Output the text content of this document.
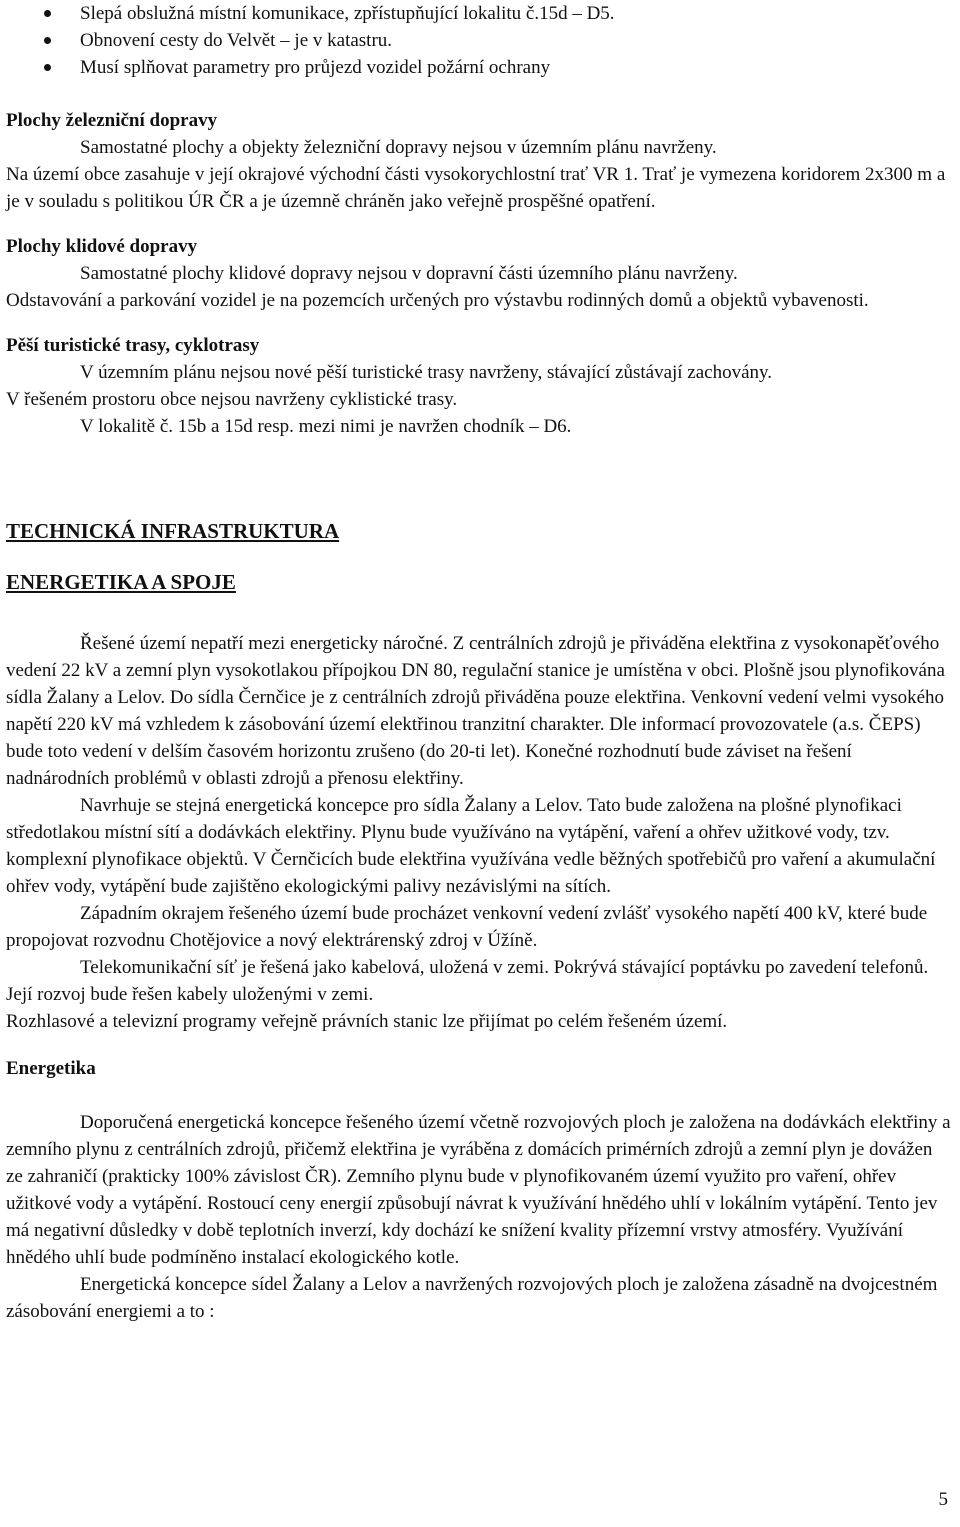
Slepá obslužná místní komunikace, zpřístupňující lokalitu č.15d – D5.
Obnovení cesty do Velvět – je v katastru.
Musí splňovat parametry pro průjezd vozidel požární ochrany

Plochy železniční dopravy

Samostatné plochy a objekty železniční dopravy nejsou v územním plánu navrženy.

Na území obce zasahuje v její okrajové východní části vysokorychlostní trať VR 1. Trať je vymezena koridorem 2x300 m a je v souladu s politikou ÚR ČR a je územně chráněn jako veřejně prospěšné opatření.

Plochy klidové dopravy

Samostatné plochy klidové dopravy nejsou v dopravní části územního plánu navrženy.

Odstavování a parkování vozidel je na pozemcích určených pro výstavbu rodinných domů a objektů vybavenosti.

Pěší turistické trasy, cyklotrasy

V územním plánu nejsou nové pěší turistické trasy navrženy, stávající zůstávají zachovány.

V řešeném prostoru obce nejsou navrženy cyklistické trasy.

V lokalitě č. 15b a 15d resp. mezi nimi je navržen chodník – D6.

TECHNICKÁ INFRASTRUKTURA

ENERGETIKA A SPOJE

Řešené území nepatří mezi energeticky náročné. Z centrálních zdrojů je přiváděna elektřina z vysokonapěťového vedení 22 kV a zemní plyn vysokotlakou přípojkou DN 80, regulační stanice je umístěna v obci. Plošně jsou plynofikována sídla Žalany a Lelov. Do sídla Černčice je z centrálních zdrojů přiváděna pouze elektřina. Venkovní vedení velmi vysokého napětí 220 kV má vzhledem k zásobování území elektřinou tranzitní charakter. Dle informací provozovatele (a.s. ČEPS) bude toto vedení v delším časovém horizontu zrušeno (do 20-ti let). Konečné rozhodnutí bude záviset na řešení nadnárodních problémů v oblasti zdrojů a přenosu elektřiny.

Navrhuje se stejná energetická koncepce pro sídla Žalany a Lelov. Tato bude založena na plošné plynofikaci středotlakou místní sítí a dodávkách elektřiny. Plynu bude využíváno na vytápění, vaření a ohřev užitkové vody, tzv. komplexní plynofikace objektů. V Černčicích bude elektřina využívána vedle běžných spotřebičů pro vaření a akumulační ohřev vody, vytápění bude zajištěno ekologickými palivy nezávislými na sítích.

Západním okrajem řešeného území bude procházet venkovní vedení zvlášť vysokého napětí 400 kV, které bude propojovat rozvodnu Chotějovice a nový elektrárenský zdroj v Úžíně.

Telekomunikační síť je řešená jako kabelová, uložená v zemi. Pokrývá stávající poptávku po zavedení telefonů. Její rozvoj bude řešen kabely uloženými v zemi.

Rozhlasové a televizní programy veřejně právních stanic lze přijímat po celém řešeném území.

Energetika

Doporučená energetická koncepce řešeného území včetně rozvojových ploch je založena na dodávkách elektřiny a zemního plynu z centrálních zdrojů, přičemž elektřina je vyráběna z domácích primérních zdrojů a zemní plyn je dovážen ze zahraničí (prakticky 100% závislost ČR). Zemního plynu bude v plynofikovaném území využito pro vaření, ohřev užitkové vody a vytápění. Rostoucí ceny energií způsobují návrat k využívání hnědého uhlí v lokálním vytápění. Tento jev má negativní důsledky v době teplotních inverzí, kdy dochází ke snížení kvality přízemní vrstvy atmosféry. Využívání hnědého uhlí bude podmíněno instalací ekologického kotle.

Energetická koncepce sídel Žalany a Lelov a navržených rozvojových ploch je založena zásadně na dvojcestném zásobování energiemi a to :

5
